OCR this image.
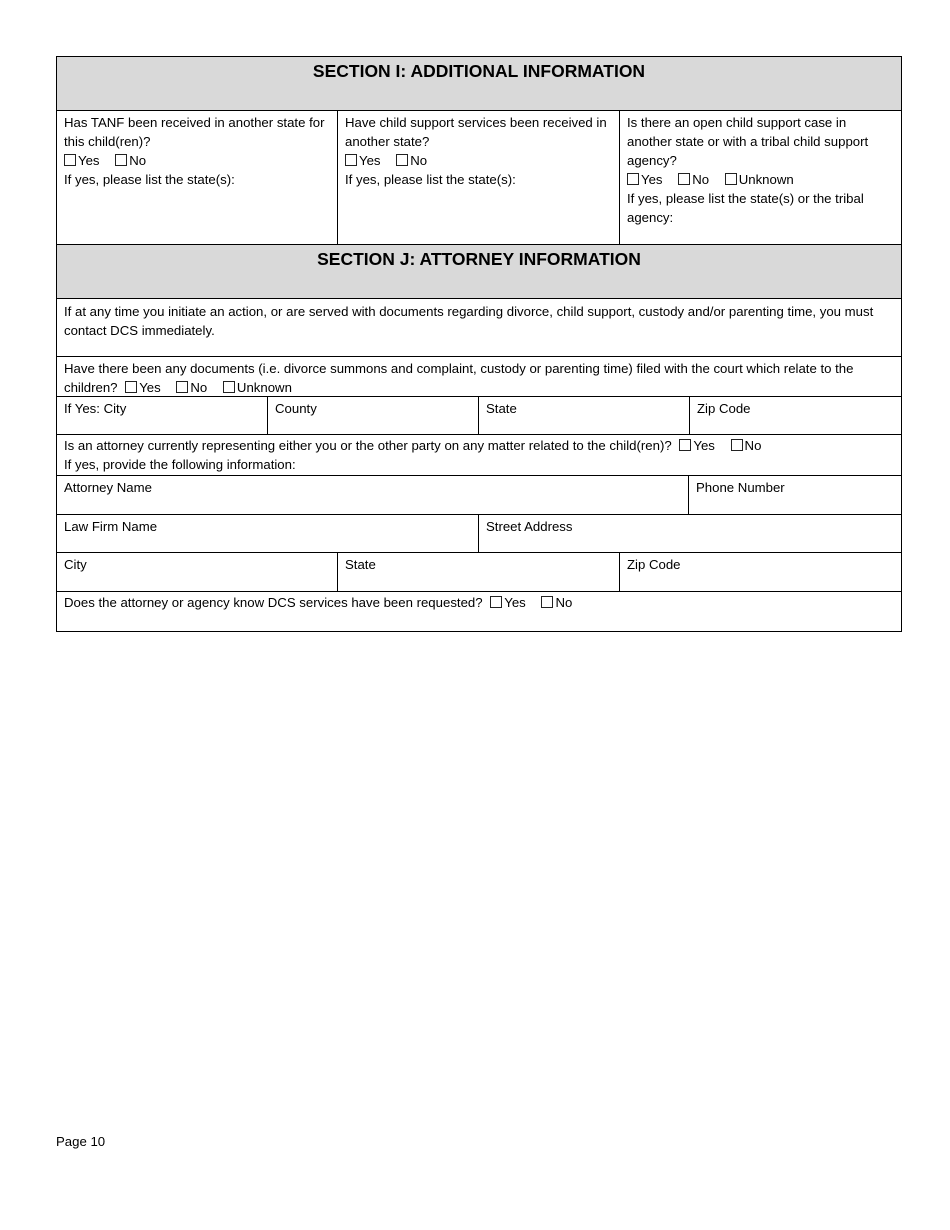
SECTION I: ADDITIONAL INFORMATION
Has TANF been received in another state for this child(ren)?
Yes No
If yes, please list the state(s):
Have child support services been received in another state?
Yes No
If yes, please list the state(s):
Is there an open child support case in another state or with a tribal child support agency?
Yes No Unknown
If yes, please list the state(s) or the tribal agency:
SECTION J: ATTORNEY INFORMATION
If at any time you initiate an action, or are served with documents regarding divorce, child support, custody and/or parenting time, you must contact DCS immediately.
Have there been any documents (i.e. divorce summons and complaint, custody or parenting time) filed with the court which relate to the children? Yes No Unknown
If Yes: City	County	State	Zip Code
Is an attorney currently representing either you or the other party on any matter related to the child(ren)? Yes No
If yes, provide the following information:
Attorney Name	Phone Number
Law Firm Name	Street Address
City	State	Zip Code
Does the attorney or agency know DCS services have been requested? Yes No
Page 10
